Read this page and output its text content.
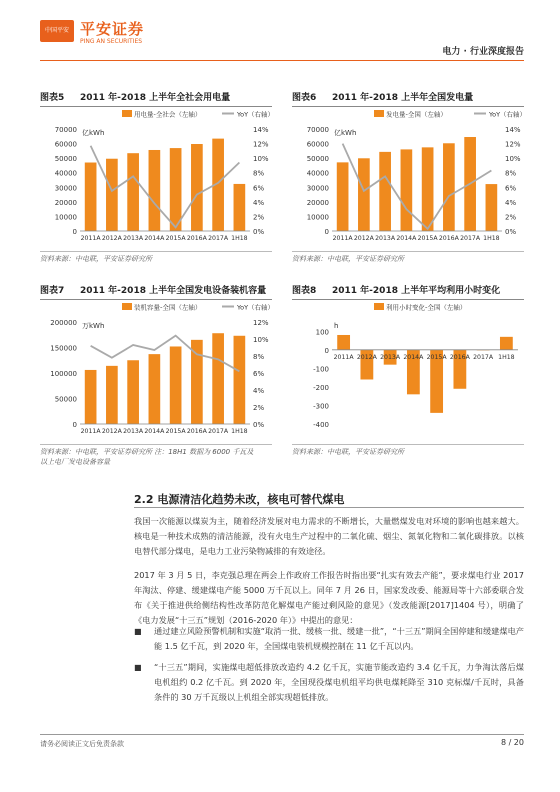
中国平安 平安证券
PING AN SECURITIES
电力 · 行业深度报告
图表5 2011 年-2018 上半年全社会用电量
0
10000
20000
30000
40000
50000
60000
70000
0%
2%
4%
6%
8%
10%
12%
14%
亿kWh
2011A 2012A 2013A 2014A 2015A 2016A 2017A 1H18
用电量-全社会（左轴）	YoY（右轴）
资料来源：中电联，平安证券研究所
图表6 2011 年-2018 上半年全国发电量
0
10000
20000
30000
40000
50000
60000
70000
0%
2%
4%
6%
8%
10%
12%
14%
亿kWh
2011A 2012A 2013A 2014A 2015A 2016A 2017A 1H18
发电量-全国（左轴）	YoY（右轴）
资料来源：中电联，平安证券研究所
图表7 2011 年-2018 上半年全国发电设备装机容量
0
50000
100000
150000
200000
0%
2%
4%
6%
8%
10%
12%
万kWh
2011A 2012A 2013A 2014A 2015A 2016A 2017A 1H18
装机容量-全国（左轴）	YoY（右轴）
资料来源：中电联，平安证券研究所 注：18H1 数据为 6000 千瓦及
以上电厂发电设备容量
图表8 2011 年-2018 上半年平均利用小时变化
100
0
-100
-200
-300
-400
h
2011A 2012A 2013A 2014A 2015A 2016A 2017A 1H18
利用小时变化-全国（左轴）
资料来源：中电联，平安证券研究所
2.2 电源清洁化趋势未改，核电可替代煤电
我国一次能源以煤炭为主，随着经济发展对电力需求的不断增长，大量燃煤发电对环境的影响也越来越大。核电是一种技术成熟的清洁能源，没有火电生产过程中的二氧化硫、烟尘、氮氧化物和二氧化碳排放。以核电替代部分煤电，是电力工业污染物减排的有效途径。
2017 年 3 月 5 日，李克强总理在两会上作政府工作报告时指出要“扎实有效去产能”，要求煤电行业 2017 年淘汰、停建、缓建煤电产能 5000 万千瓦以上。同年 7 月 26 日，国家发改委、能源局等十六部委联合发布《关于推进供给侧结构性改革防范化解煤电产能过剩风险的意见》（发改能源[2017]1404 号），明确了《电力发展“十三五”规划（2016-2020 年）》中提出的意见：
■ 通过建立风险预警机制和实施“取消一批、缓核一批、缓建一批”，“十三五”期间全国停建和缓建煤电产能 1.5 亿千瓦，到 2020 年，全国煤电装机规模控制在 11 亿千瓦以内。
■ “十三五”期间，实施煤电超低排放改造约 4.2 亿千瓦，实施节能改造约 3.4 亿千瓦，力争淘汰落后煤电机组约 0.2 亿千瓦。到 2020 年，全国现役煤电机组平均供电煤耗降至 310 克标煤/千瓦时，具备条件的 30 万千瓦级以上机组全部实现超低排放。
请务必阅读正文后免责条款	8 / 20
